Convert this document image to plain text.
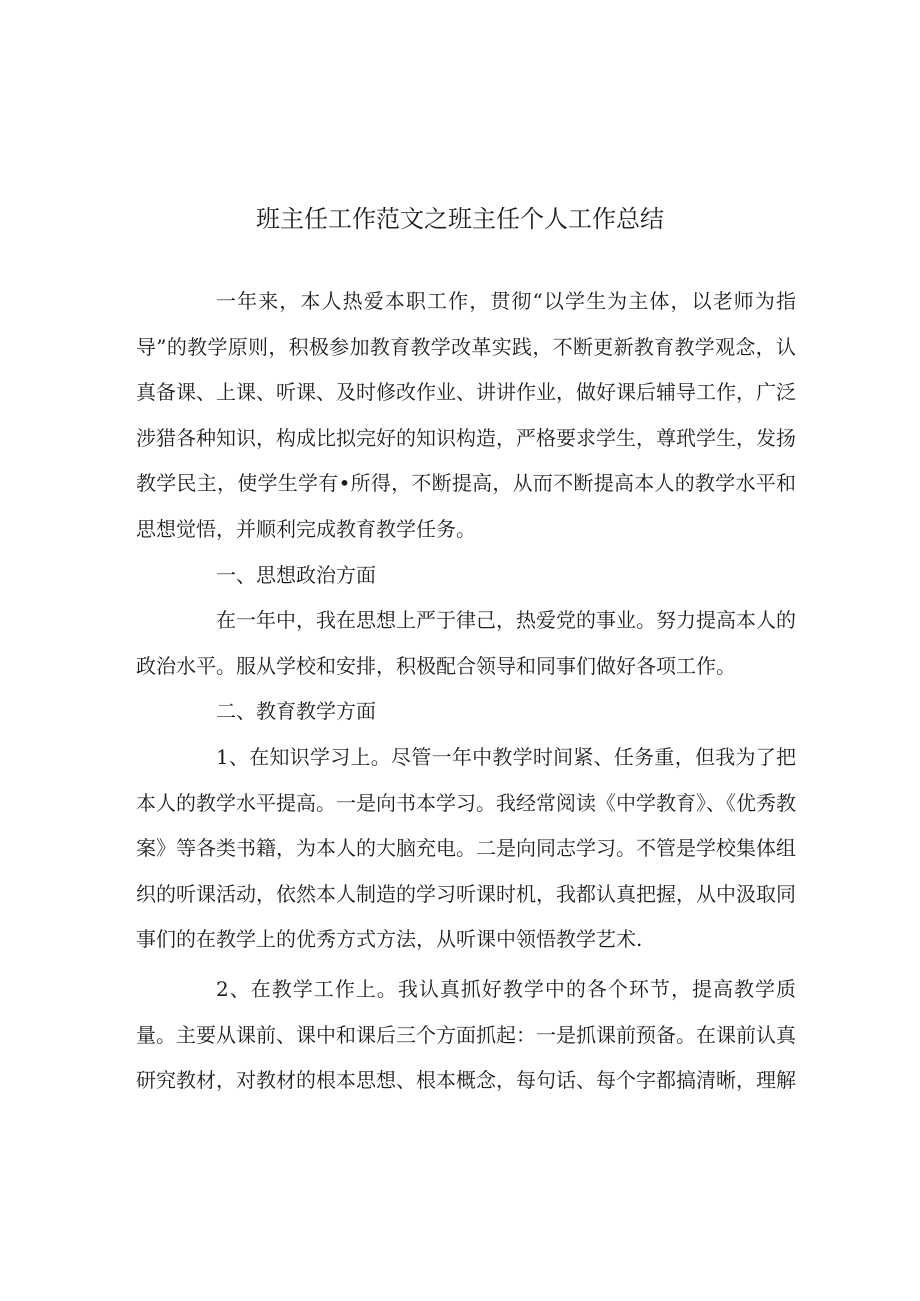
班主任工作范文之班主任个人工作总结

一年来，本人热爱本职工作，贯彻“以学生为主体，以老师为指导”的教学原则，积极参加教育教学改革实践，不断更新教育教学观念，认真备课、上课、听课、及时修改作业、讲讲作业，做好课后辅导工作，广泛涉猎各种知识，构成比拟完好的知识构造，严格要求学生，尊玳学生，发扬教学民主，使学生学有•所得，不断提高，从而不断提高本人的教学水平和思想觉悟，并顺利完成教育教学任务。

一、思想政治方面

在一年中，我在思想上严于律己，热爱党的事业。努力提高本人的政治水平。服从学校和安排，积极配合领导和同事们做好各项工作。

二、教育教学方面

1、在知识学习上。尽管一年中教学时间紧、任务重，但我为了把本人的教学水平提高。一是向书本学习。我经常阅读《中学教育》、《优秀教案》等各类书籍，为本人的大脑充电。二是向同志学习。不管是学校集体组织的听课活动，依然本人制造的学习听课时机，我都认真把握，从中汲取同事们的在教学上的优秀方式方法，从听课中领悟教学艺术.

2、在教学工作上。我认真抓好教学中的各个环节，提高教学质量。主要从课前、课中和课后三个方面抓起：一是抓课前预备。在课前认真研究教材，对教材的根本思想、根本概念，每句话、每个字都搞清晰，理解
